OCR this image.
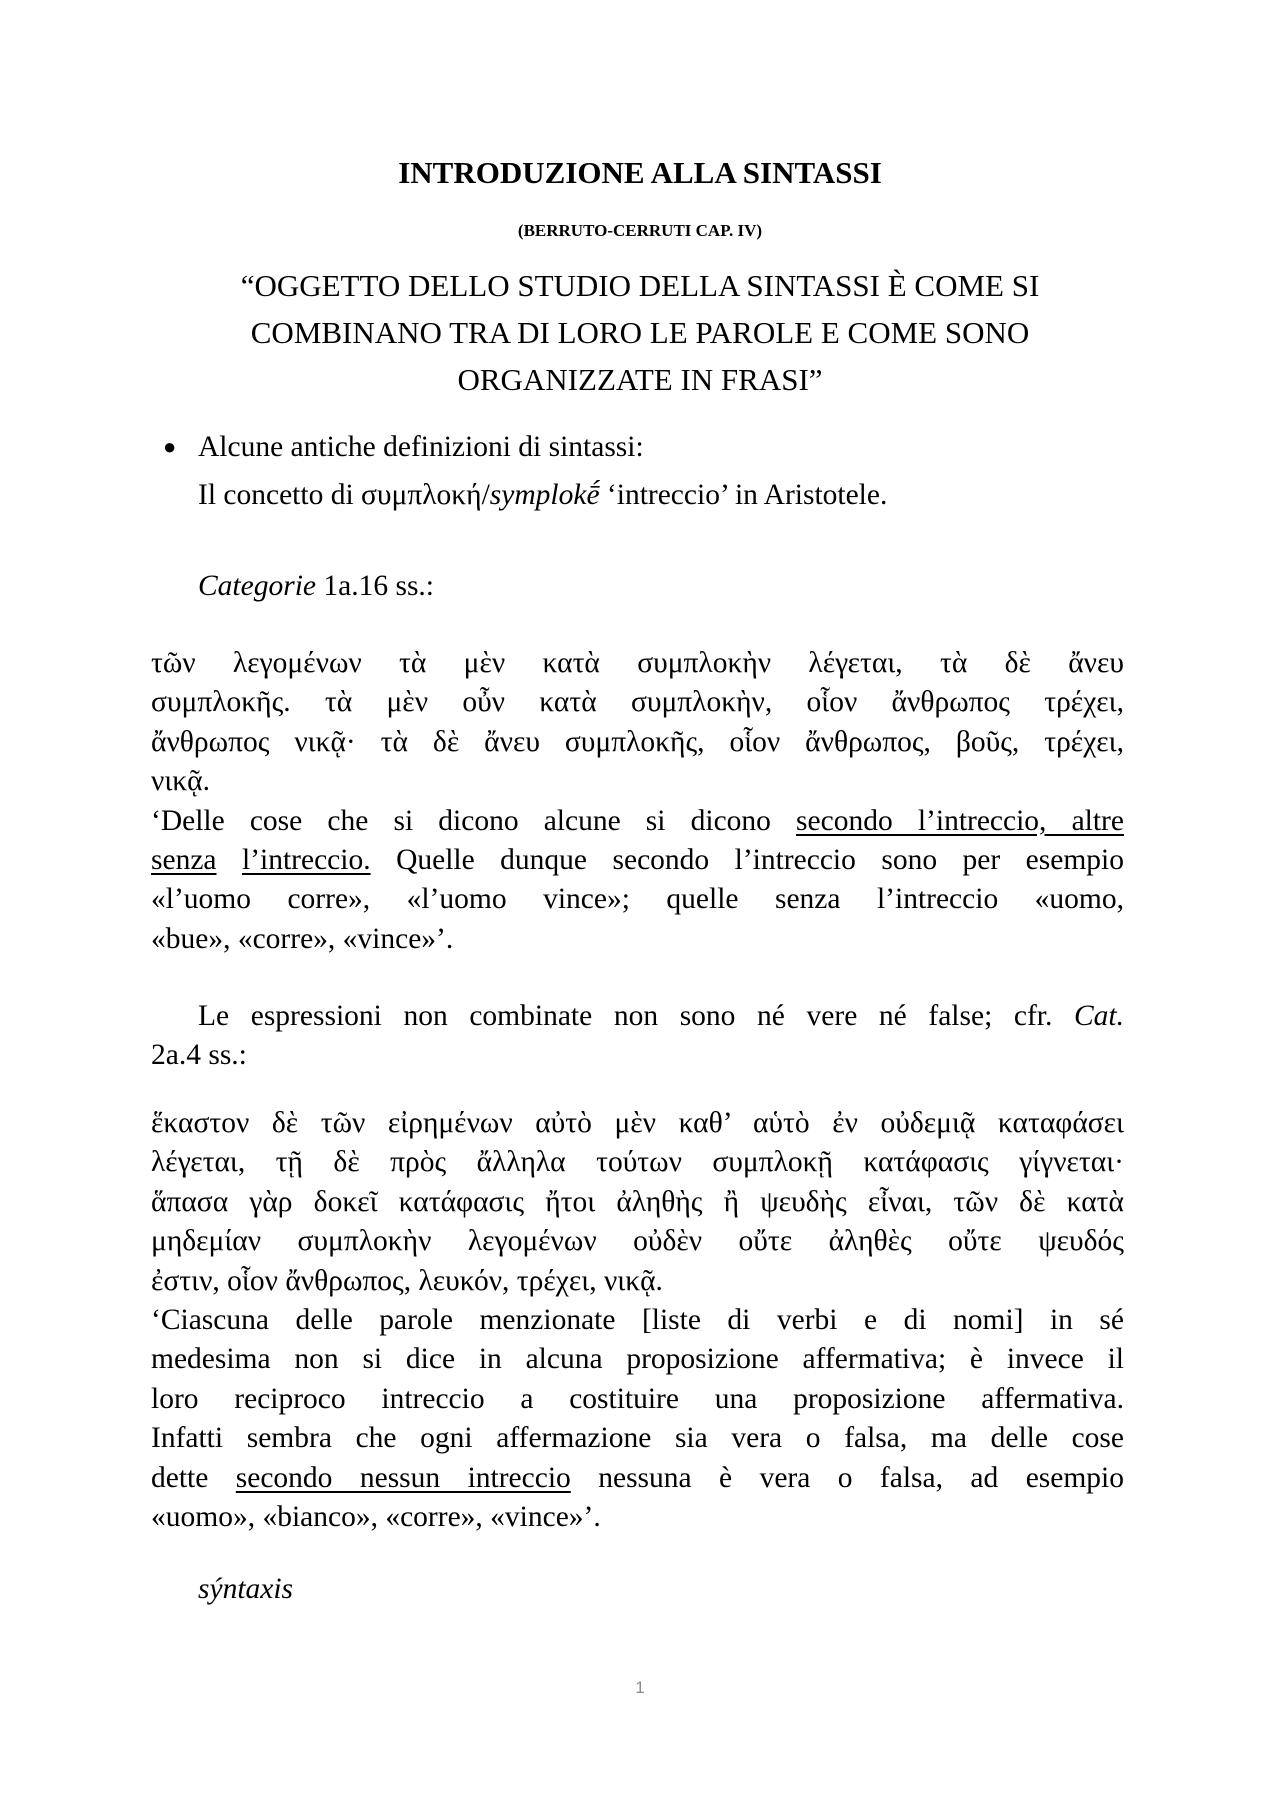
INTRODUZIONE ALLA SINTASSI
(BERRUTO-CERRUTI CAP. IV)
“OGGETTO DELLO STUDIO DELLA SINTASSI È COME SI
COMBINANO TRA DI LORO LE PAROLE E COME SONO
ORGANIZZATE IN FRASI”
● Alcune antiche definizioni di sintassi:
Il concetto di συμπλοκή/symplokḗ ‘intreccio’ in Aristotele.
Categorie 1a.16 ss.:
τῶν λεγομένων τὰ μὲν κατὰ συμπλοκὴν λέγεται, τὰ δὲ ἄνευ
συμπλοκῆς. τὰ μὲν οὖν κατὰ συμπλοκὴν, οἷον ἄνθρωπος τρέχει,
ἄνθρωπος νικᾷ· τὰ δὲ ἄνευ συμπλοκῆς, οἷον ἄνθρωπος, βοῦς, τρέχει,
νικᾷ.
‘Delle cose che si dicono alcune si dicono secondo l’intreccio, altre
senza l’intreccio. Quelle dunque secondo l’intreccio sono per esempio
«l’uomo corre», «l’uomo vince»; quelle senza l’intreccio «uomo,
«bue», «corre», «vince»’.
Le espressioni non combinate non sono né vere né false; cfr. Cat.
2a.4 ss.:
ἕκαστον δὲ τῶν εἰρημένων αὐτὸ μὲν καθ’ αὑτὸ ἐν οὐδεμιᾷ καταφάσει
λέγεται, τῇ δὲ πρὸς ἄλληλα τούτων συμπλοκῇ κατάφασις γίγνεται·
ἅπασα γὰρ δοκεῖ κατάφασις ἤτοι ἀληθὴς ἢ ψευδὴς εἶναι, τῶν δὲ κατὰ
μηδεμίαν συμπλοκὴν λεγομένων οὐδὲν οὔτε ἀληθὲς οὔτε ψευδός
ἐστιν, οἷον ἄνθρωπος, λευκόν, τρέχει, νικᾷ.
‘Ciascuna delle parole menzionate [liste di verbi e di nomi] in sé
medesima non si dice in alcuna proposizione affermativa; è invece il
loro reciproco intreccio a costituire una proposizione affermativa.
Infatti sembra che ogni affermazione sia vera o falsa, ma delle cose
dette secondo nessun intreccio nessuna è vera o falsa, ad esempio
«uomo», «bianco», «corre», «vince»’.
sýntaxis
1
